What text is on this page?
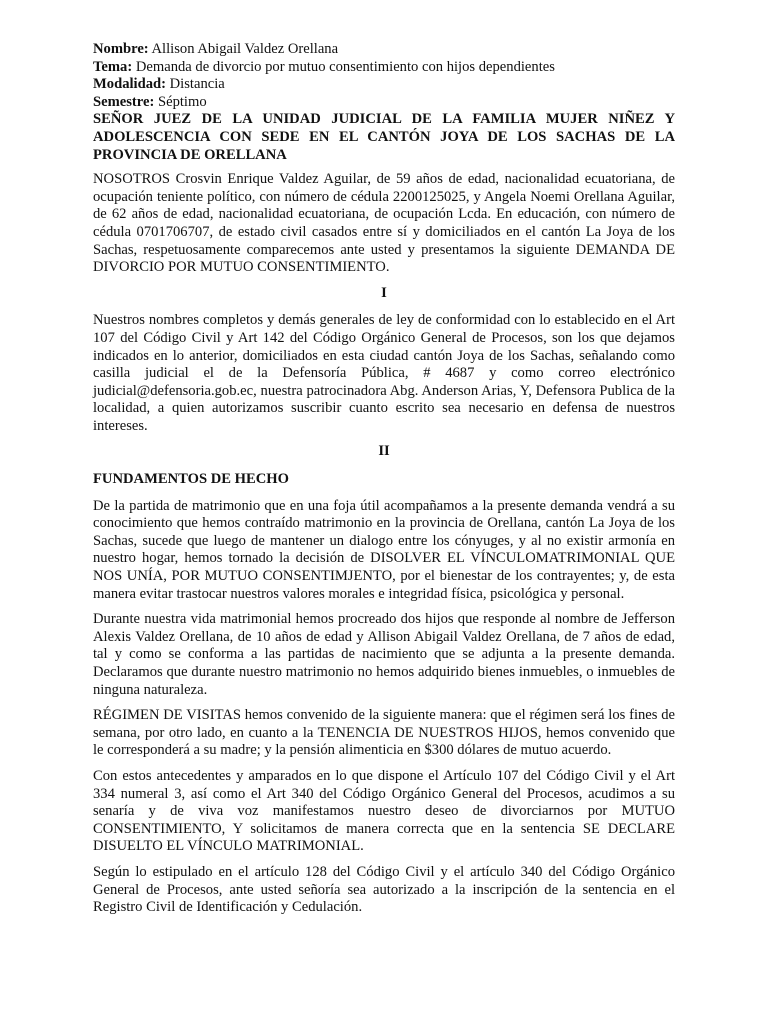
Nombre: Allison Abigail Valdez Orellana
Tema: Demanda de divorcio por mutuo consentimiento con hijos dependientes
Modalidad: Distancia
Semestre: Séptimo
SEÑOR JUEZ DE LA UNIDAD JUDICIAL DE LA FAMILIA MUJER NIÑEZ Y ADOLESCENCIA CON SEDE EN EL CANTÓN JOYA DE LOS SACHAS DE LA PROVINCIA DE ORELLANA

NOSOTROS Crosvin Enrique Valdez Aguilar, de 59 años de edad, nacionalidad ecuatoriana, de ocupación teniente político, con número de cédula 2200125025, y Angela Noemi Orellana Aguilar, de 62 años de edad, nacionalidad ecuatoriana, de ocupación Lcda. En educación, con número de cédula 0701706707, de estado civil casados entre sí y domiciliados en el cantón La Joya de los Sachas, respetuosamente comparecemos ante usted y presentamos la siguiente DEMANDA DE DIVORCIO POR MUTUO CONSENTIMIENTO.

I

Nuestros nombres completos y demás generales de ley de conformidad con lo establecido en el Art 107 del Código Civil y Art 142 del Código Orgánico General de Procesos, son los que dejamos indicados en lo anterior, domiciliados en esta ciudad cantón Joya de los Sachas, señalando como casilla judicial el de la Defensoría Pública, # 4687 y como correo electrónico judicial@defensoria.gob.ec, nuestra patrocinadora Abg. Anderson Arias, Y, Defensora Publica de la localidad, a quien autorizamos suscribir cuanto escrito sea necesario en defensa de nuestros intereses.

II
FUNDAMENTOS DE HECHO

De la partida de matrimonio que en una foja útil acompañamos a la presente demanda vendrá a su conocimiento que hemos contraído matrimonio en la provincia de Orellana, cantón La Joya de los Sachas, sucede que luego de mantener un dialogo entre los cónyuges, y al no existir armonía en nuestro hogar, hemos tornado la decisión de DISOLVER EL VÍNCULOMATRIMONIAL QUE NOS UNÍA, POR MUTUO CONSENTIMJENTO, por el bienestar de los contrayentes; y, de esta manera evitar trastocar nuestros valores morales e integridad física, psicológica y personal.

Durante nuestra vida matrimonial hemos procreado dos hijos que responde al nombre de Jefferson Alexis Valdez Orellana, de 10 años de edad y Allison Abigail Valdez Orellana, de 7 años de edad, tal y como se conforma a las partidas de nacimiento que se adjunta a la presente demanda. Declaramos que durante nuestro matrimonio no hemos adquirido bienes inmuebles, o inmuebles de ninguna naturaleza.

RÉGIMEN DE VISITAS hemos convenido de la siguiente manera: que el régimen será los fines de semana, por otro lado, en cuanto a la TENENCIA DE NUESTROS HIJOS, hemos convenido que le corresponderá a su madre; y la pensión alimenticia en $300 dólares de mutuo acuerdo.

Con estos antecedentes y amparados en lo que dispone el Artículo 107 del Código Civil y el Art 334 numeral 3, así como el Art 340 del Código Orgánico General del Procesos, acudimos a su senaría y de viva voz manifestamos nuestro deseo de divorciarnos por MUTUO CONSENTIMIENTO, Y solicitamos de manera correcta que en la sentencia SE DECLARE DISUELTO EL VÍNCULO MATRIMONIAL.

Según lo estipulado en el artículo 128 del Código Civil y el artículo 340 del Código Orgánico General de Procesos, ante usted señoría sea autorizado a la inscripción de la sentencia en el Registro Civil de Identificación y Cedulación.
